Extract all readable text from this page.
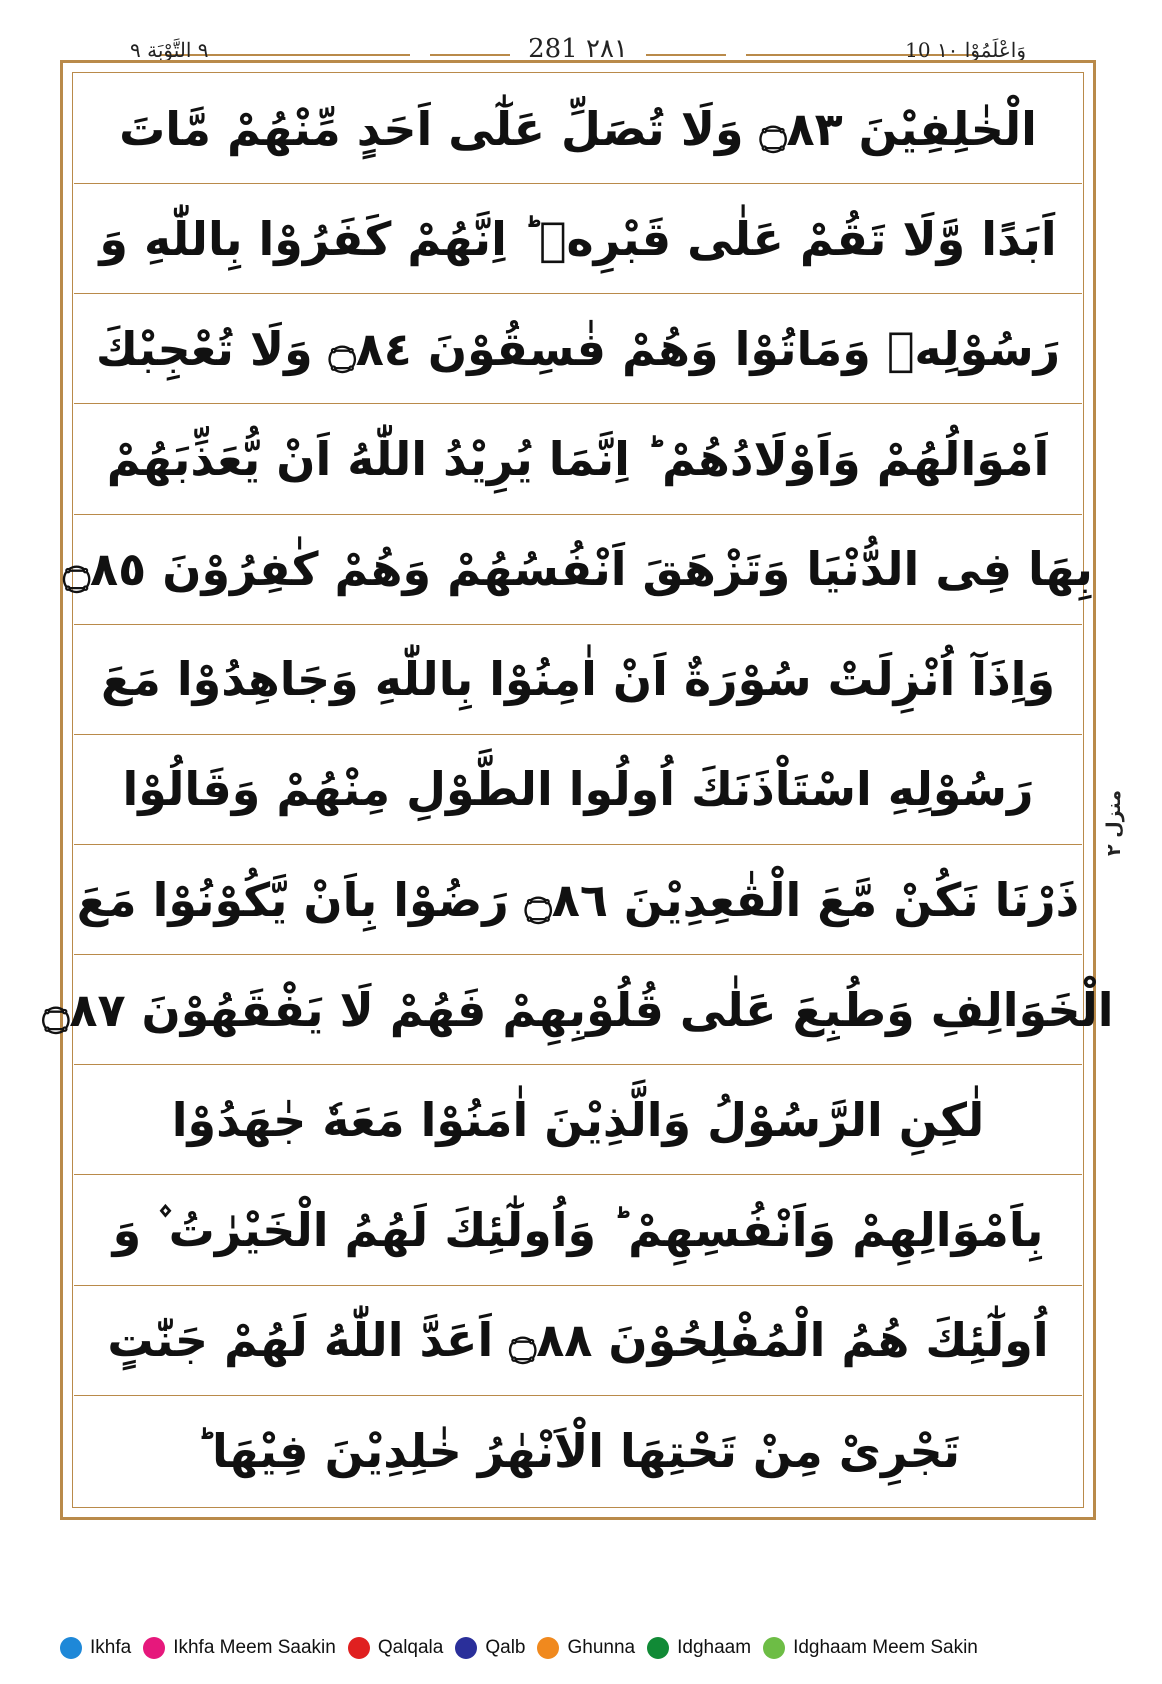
٩ التَّوْبَة ٩	281 ٢٨١	10 وَاعْلَمُوْا ١٠
الْخٰلِفِيْنَ ۝٨٣ وَلَا تُصَلِّ عَلٰٓى اَحَدٍ مِّنْهُمْ مَّاتَ
اَبَدًا وَّلَا تَقُمْ عَلٰى قَبْرِهٖ ؕ اِنَّهُمْ كَفَرُوْا بِاللّٰهِ وَ
رَسُوْلِهٖ وَمَاتُوْا وَهُمْ فٰسِقُوْنَ ۝٨٤ وَلَا تُعْجِبْكَ
اَمْوَالُهُمْ وَاَوْلَادُهُمْ ؕ اِنَّمَا يُرِيْدُ اللّٰهُ اَنْ يُّعَذِّبَهُمْ
بِهَا فِى الدُّنْيَا وَتَزْهَقَ اَنْفُسُهُمْ وَهُمْ كٰفِرُوْنَ ۝٨٥
وَاِذَآ اُنْزِلَتْ سُوْرَةٌ اَنْ اٰمِنُوْا بِاللّٰهِ وَجَاهِدُوْا مَعَ
رَسُوْلِهِ اسْتَاْذَنَكَ اُولُوا الطَّوْلِ مِنْهُمْ وَقَالُوْا
ذَرْنَا نَكُنْ مَّعَ الْقٰعِدِيْنَ ۝٨٦ رَضُوْا بِاَنْ يَّكُوْنُوْا مَعَ
الْخَوَالِفِ وَطُبِعَ عَلٰى قُلُوْبِهِمْ فَهُمْ لَا يَفْقَهُوْنَ ۝٨٧
لٰكِنِ الرَّسُوْلُ وَالَّذِيْنَ اٰمَنُوْا مَعَهٗ جٰهَدُوْا
بِاَمْوَالِهِمْ وَاَنْفُسِهِمْ ؕ وَاُولٰٓئِكَ لَهُمُ الْخَيْرٰتُ ۫ وَ
اُولٰٓئِكَ هُمُ الْمُفْلِحُوْنَ ۝٨٨ اَعَدَّ اللّٰهُ لَهُمْ جَنّٰتٍ
تَجْرِىْ مِنْ تَحْتِهَا الْاَنْهٰرُ خٰلِدِيْنَ فِيْهَا ؕ
منزل ٢
Ikhfa Ikhfa Meem Saakin Qalqala Qalb Ghunna Idghaam Idghaam Meem Sakin
